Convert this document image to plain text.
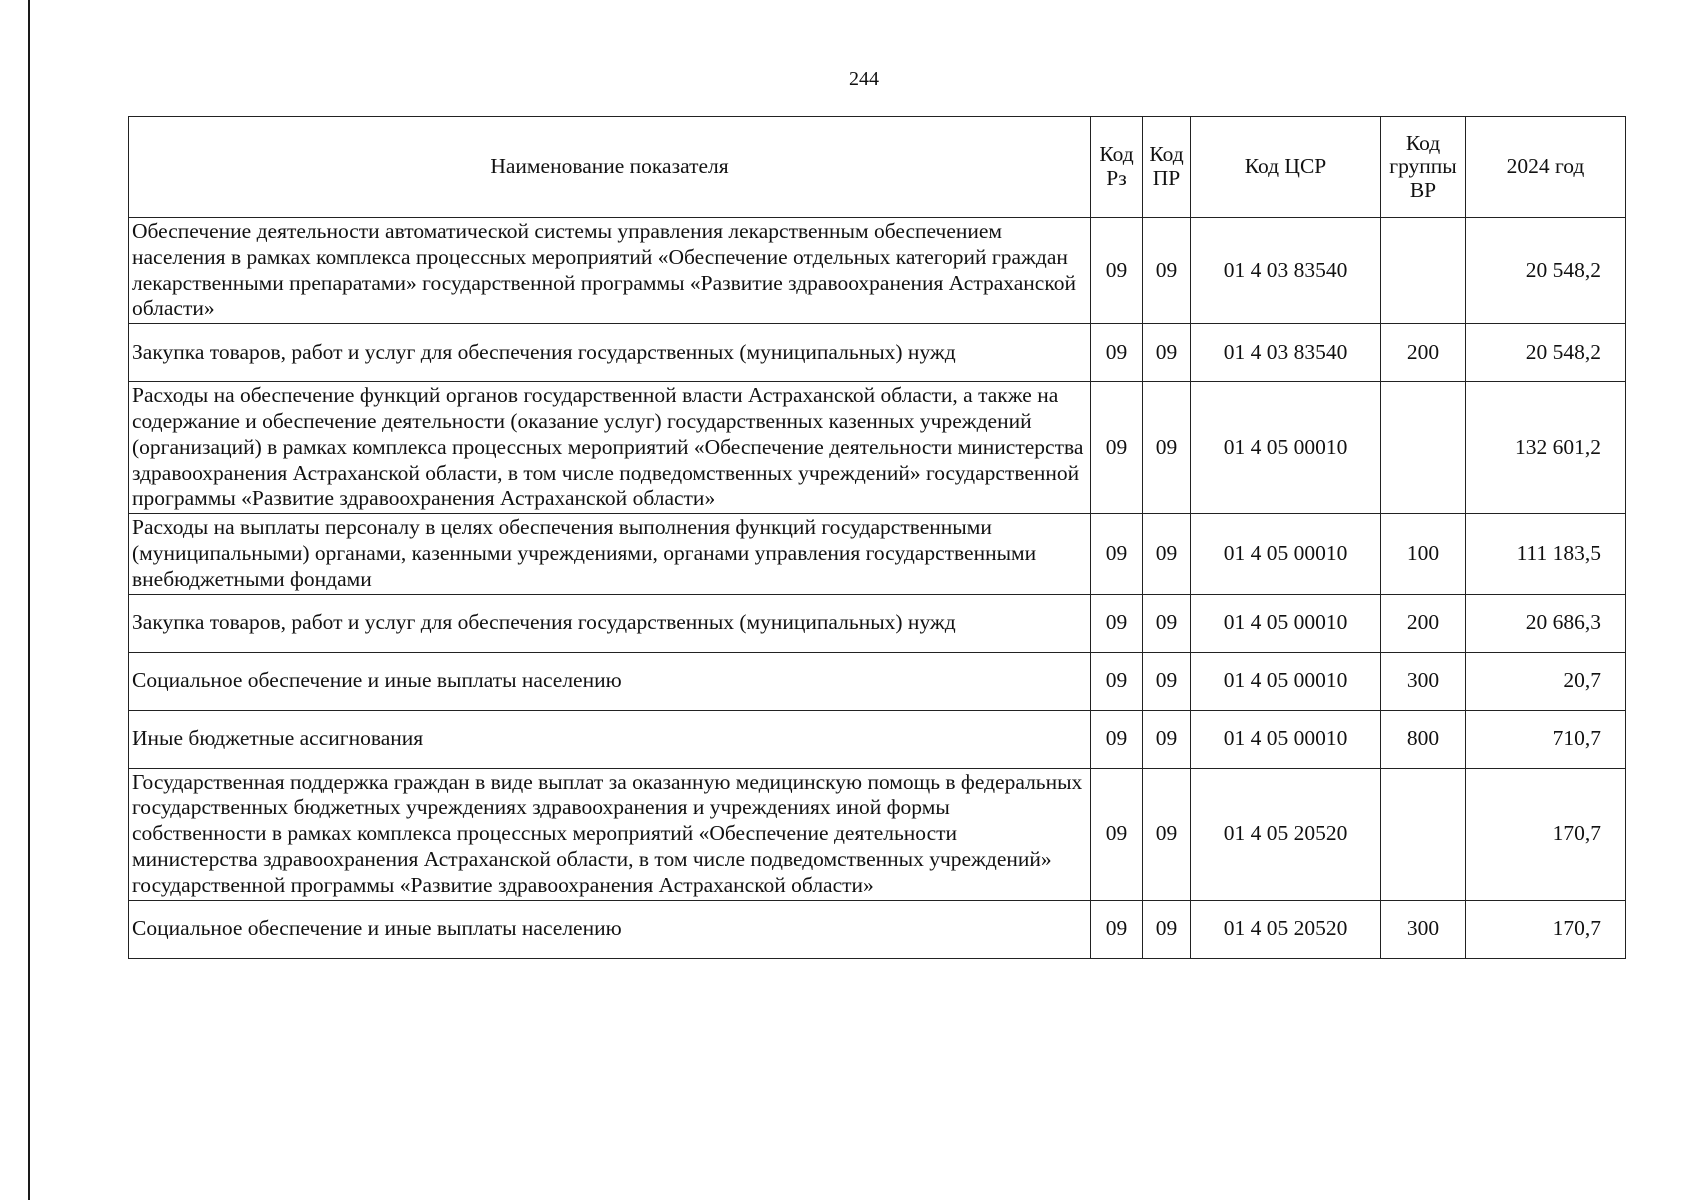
244
Наименование показателя	Код Рз	Код ПР	Код ЦСР	Код группы ВР	2024 год
Обеспечение деятельности автоматической системы управления лекарственным обеспечением населения в рамках комплекса процессных мероприятий «Обеспечение отдельных категорий граждан лекарственными препаратами» государственной программы «Развитие здравоохранения Астраханской области»	09	09	01 4 03 83540		20 548,2
Закупка товаров, работ и услуг для обеспечения государственных (муниципальных) нужд	09	09	01 4 03 83540	200	20 548,2
Расходы на обеспечение функций органов государственной власти Астраханской области, а также на содержание и обеспечение деятельности (оказание услуг) государственных казенных учреждений (организаций) в рамках комплекса процессных мероприятий «Обеспечение деятельности министерства здравоохранения Астраханской области, в том числе подведомственных учреждений» государственной программы «Развитие здравоохранения Астраханской области»	09	09	01 4 05 00010		132 601,2
Расходы на выплаты персоналу в целях обеспечения выполнения функций государственными (муниципальными) органами, казенными учреждениями, органами управления государственными внебюджетными фондами	09	09	01 4 05 00010	100	111 183,5
Закупка товаров, работ и услуг для обеспечения государственных (муниципальных) нужд	09	09	01 4 05 00010	200	20 686,3
Социальное обеспечение и иные выплаты населению	09	09	01 4 05 00010	300	20,7
Иные бюджетные ассигнования	09	09	01 4 05 00010	800	710,7
Государственная поддержка граждан в виде выплат за оказанную медицинскую помощь в федеральных государственных бюджетных учреждениях здравоохранения и учреждениях иной формы собственности в рамках комплекса процессных мероприятий «Обеспечение деятельности министерства здравоохранения Астраханской области, в том числе подведомственных учреждений» государственной программы «Развитие здравоохранения Астраханской области»	09	09	01 4 05 20520		170,7
Социальное обеспечение и иные выплаты населению	09	09	01 4 05 20520	300	170,7
